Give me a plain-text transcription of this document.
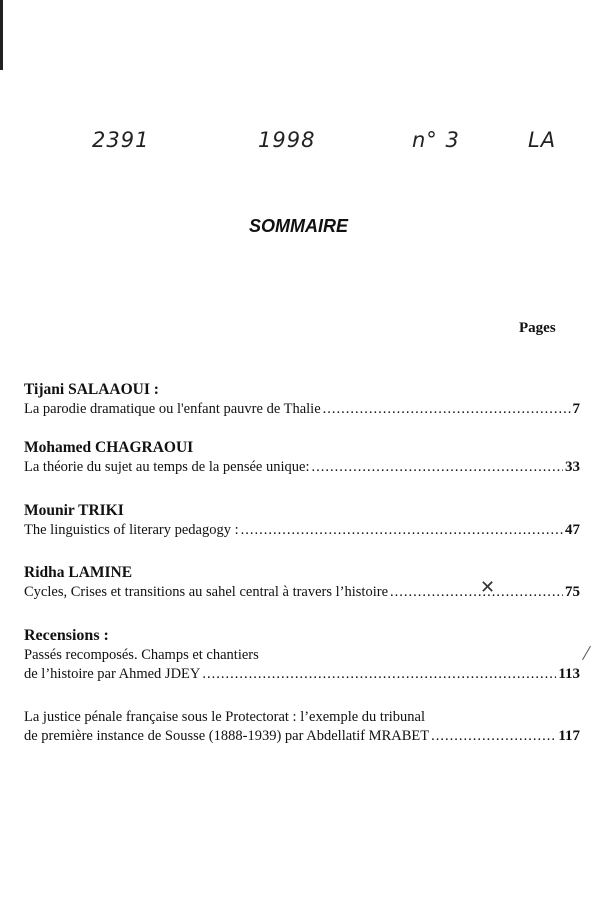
2391	1998	n° 3	LA
SOMMAIRE
Pages
Tijani SALAAOUI :
La parodie dramatique ou l'enfant pauvre de Thalie .....	7
Mohamed CHAGRAOUI
La théorie du sujet au temps de la pensée unique: .....	33
Mounir TRIKI
The linguistics of literary pedagogy : .....	47
Ridha LAMINE
Cycles, Crises et transitions au sahel central à travers l’histoire .....	75
✕
Recensions :
Passés recomposés. Champs et chantiers
de l’histoire par Ahmed JDEY .....	113
La justice pénale française sous le Protectorat : l’exemple du tribunal
de première instance de Sousse (1888-1939) par Abdellatif MRABET .....	117
